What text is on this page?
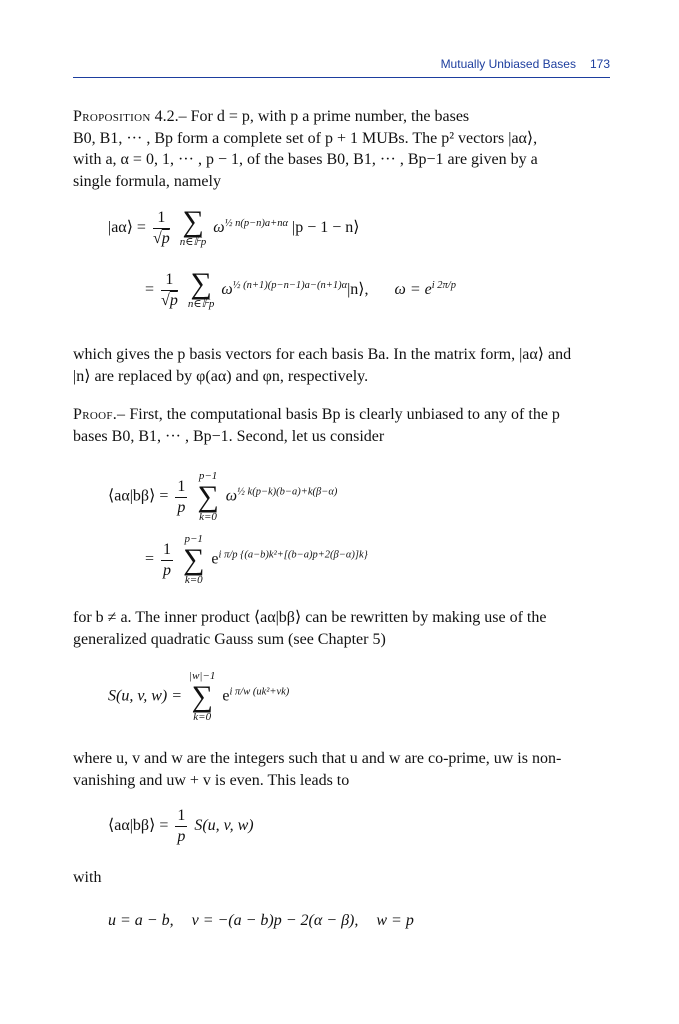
Mutually Unbiased Bases 173
Proposition 4.2.– For d = p, with p a prime number, the bases
B0, B1, ··· , Bp form a complete set of p + 1 MUBs. The p² vectors |aα⟩,
with a, α = 0, 1, ··· , p − 1, of the bases B0, B1, ··· , Bp−1 are given by a
single formula, namely
|aα⟩ = $\frac{1}{√p}$
∑
n∈𝔽p
$\omega^{\frac{1}{2} n(p-n)a+n\alpha}$ |p − 1 − n⟩
= $\frac{1}{√p}$
∑
n∈𝔽p
$\omega^{\frac{1}{2} (n+1)(p-n-1)a-(n+1)\alpha}|n⟩$, $\omega = e^{i 2\pi/p}$
which gives the p basis vectors for each basis Ba. In the matrix form, |aα⟩ and
|n⟩ are replaced by φ(aα) and φn, respectively.
Proof.– First, the computational basis Bp is clearly unbiased to any of the p
bases B0, B1, ··· , Bp−1. Second, let us consider
⟨aα|bβ⟩ = $\frac{1}{p}$

p−1
∑
k=0
$\omega^{\frac{1}{2} k(p-k)(b-a)+k(\beta-\alpha)}$
= $\frac{1}{p}$

p−1
∑
k=0
$e^{i \pi/p \{(a-b)k^2+[(b-a)p+2(\beta-\alpha)]k\}}$
for b ≠ a. The inner product ⟨aα|bβ⟩ can be rewritten by making use of the
generalized quadratic Gauss sum (see Chapter 5)
S(u, v, w) =
|w|−1
∑
k=0
$e^{i \pi/w (uk^2+vk)}$
where u, v and w are the integers such that u and w are co-prime, uw is non-
vanishing and uw + v is even. This leads to
⟨aα|bβ⟩ = $\frac{1}{p} S(u$, v, w)
with
u = a − b, v = −(a − b)p − 2(α − β), w = p
